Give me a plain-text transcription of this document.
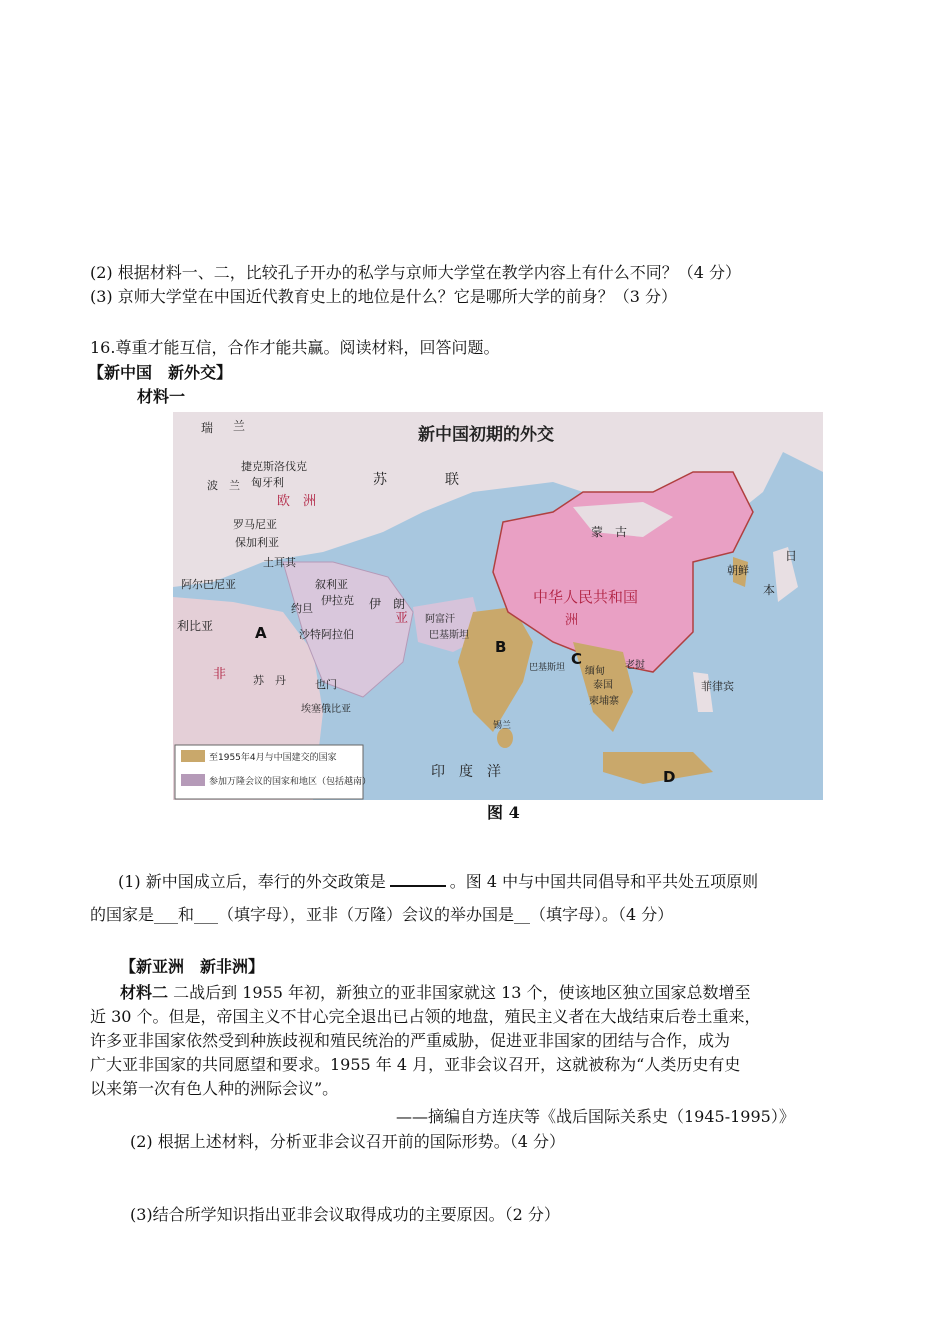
(2) 根据材料一、二，比较孔子开办的私学与京师大学堂在教学内容上有什么不同？（4 分）
(3) 京师大学堂在中国近代教育史上的地位是什么？它是哪所大学的前身？（3 分）
16.尊重才能互信，合作才能共赢。阅读材料，回答问题。
【新中国　新外交】
材料一
新中国初期的外交
瑞 兰
捷克斯洛伐克
匈牙利
波　兰
欧　洲
罗马尼亚
保加利亚
土耳其
阿尔巴尼亚	叙利亚
伊拉克
约旦	伊　朗
阿富汗
巴基斯坦
沙特阿拉伯
也门
利比亚
非 苏　丹
埃塞俄比亚
苏	联
蒙　古
中华人民共和国
亚	洲
朝鲜
日
本
缅甸
老挝
泰国
柬埔寨
菲律宾
锡兰
巴基斯坦
印　度　洋
A
B
C
D
至1955年4月与中国建交的国家
参加万隆会议的国家和地区（包括越南）
图 4
(1) 新中国成立后，奉行的外交政策是	。图 4 中与中国共同倡导和平共处五项原则
的国家是___和___（填字母），亚非（万隆）会议的举办国是__（填字母）。（4 分）
【新亚洲　新非洲】
材料二 二战后到 1955 年初，新独立的亚非国家就这 13 个，使该地区独立国家总数增至
近 30 个。但是，帝国主义不甘心完全退出已占领的地盘，殖民主义者在大战结束后卷土重来，
许多亚非国家依然受到种族歧视和殖民统治的严重威胁，促进亚非国家的团结与合作，成为
广大亚非国家的共同愿望和要求。1955 年 4 月，亚非会议召开，这就被称为“人类历史有史
以来第一次有色人种的洲际会议”。
——摘编自方连庆等《战后国际关系史（1945-1995）》
(2) 根据上述材料，分析亚非会议召开前的国际形势。（4 分）
(3)结合所学知识指出亚非会议取得成功的主要原因。（2 分）
